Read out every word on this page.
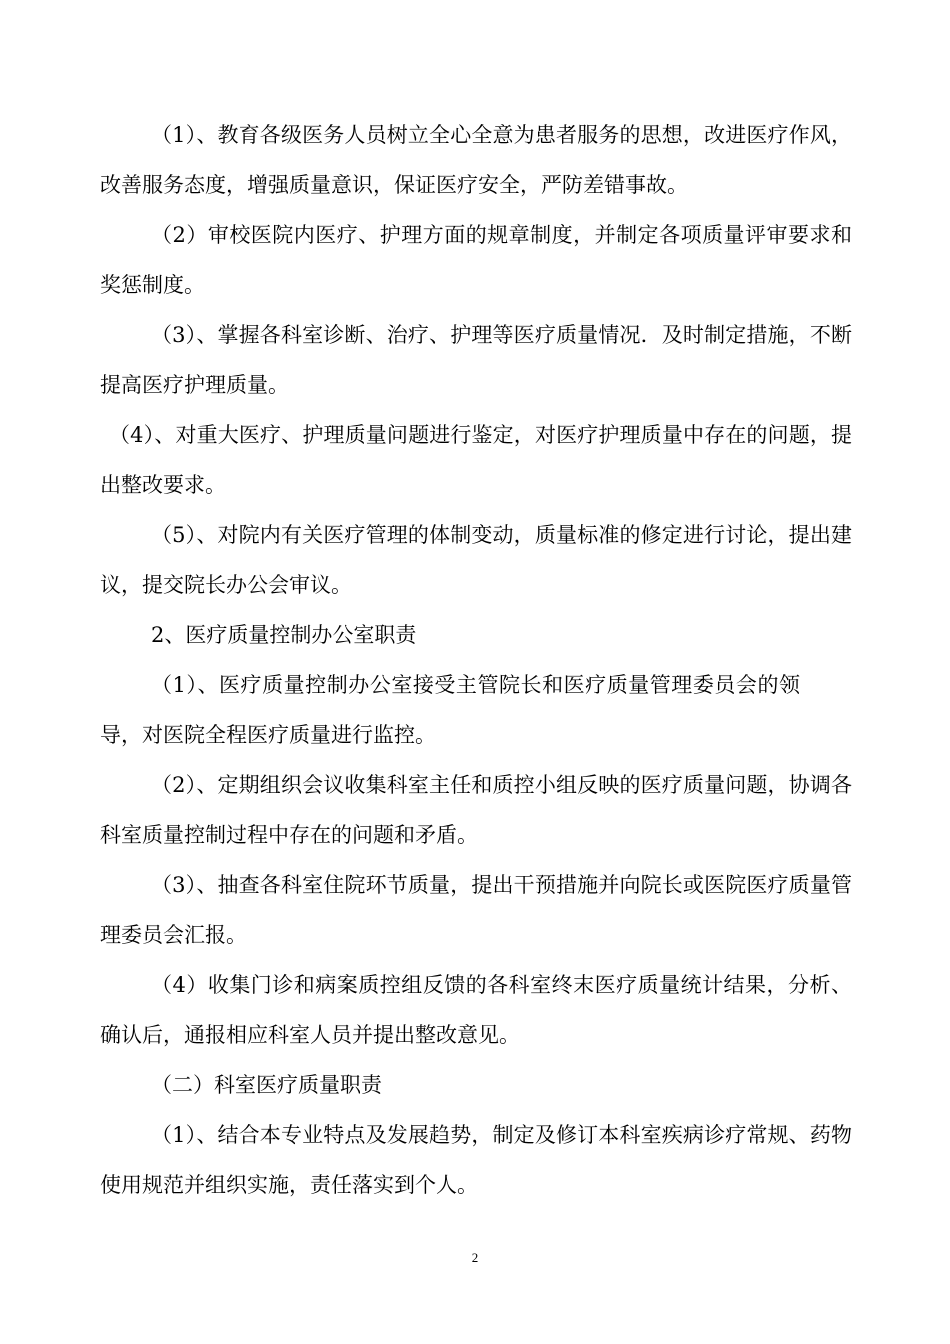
（1）、教育各级医务人员树立全心全意为患者服务的思想，改进医疗作风，改善服务态度，增强质量意识，保证医疗安全，严防差错事故。

（2）审校医院内医疗、护理方面的规章制度，并制定各项质量评审要求和奖惩制度。

（3）、掌握各科室诊断、治疗、护理等医疗质量情况．及时制定措施，不断提高医疗护理质量。

（4）、对重大医疗、护理质量问题进行鉴定，对医疗护理质量中存在的问题，提出整改要求。

（5）、对院内有关医疗管理的体制变动，质量标准的修定进行讨论，提出建议，提交院长办公会审议。

2、医疗质量控制办公室职责

（1）、医疗质量控制办公室接受主管院长和医疗质量管理委员会的领导，对医院全程医疗质量进行监控。

（2）、定期组织会议收集科室主任和质控小组反映的医疗质量问题，协调各科室质量控制过程中存在的问题和矛盾。

（3）、抽查各科室住院环节质量，提出干预措施并向院长或医院医疗质量管理委员会汇报。

（4）收集门诊和病案质控组反馈的各科室终末医疗质量统计结果，分析、确认后，通报相应科室人员并提出整改意见。

（二）科室医疗质量职责

（1）、结合本专业特点及发展趋势，制定及修订本科室疾病诊疗常规、药物使用规范并组织实施，责任落实到个人。

2
